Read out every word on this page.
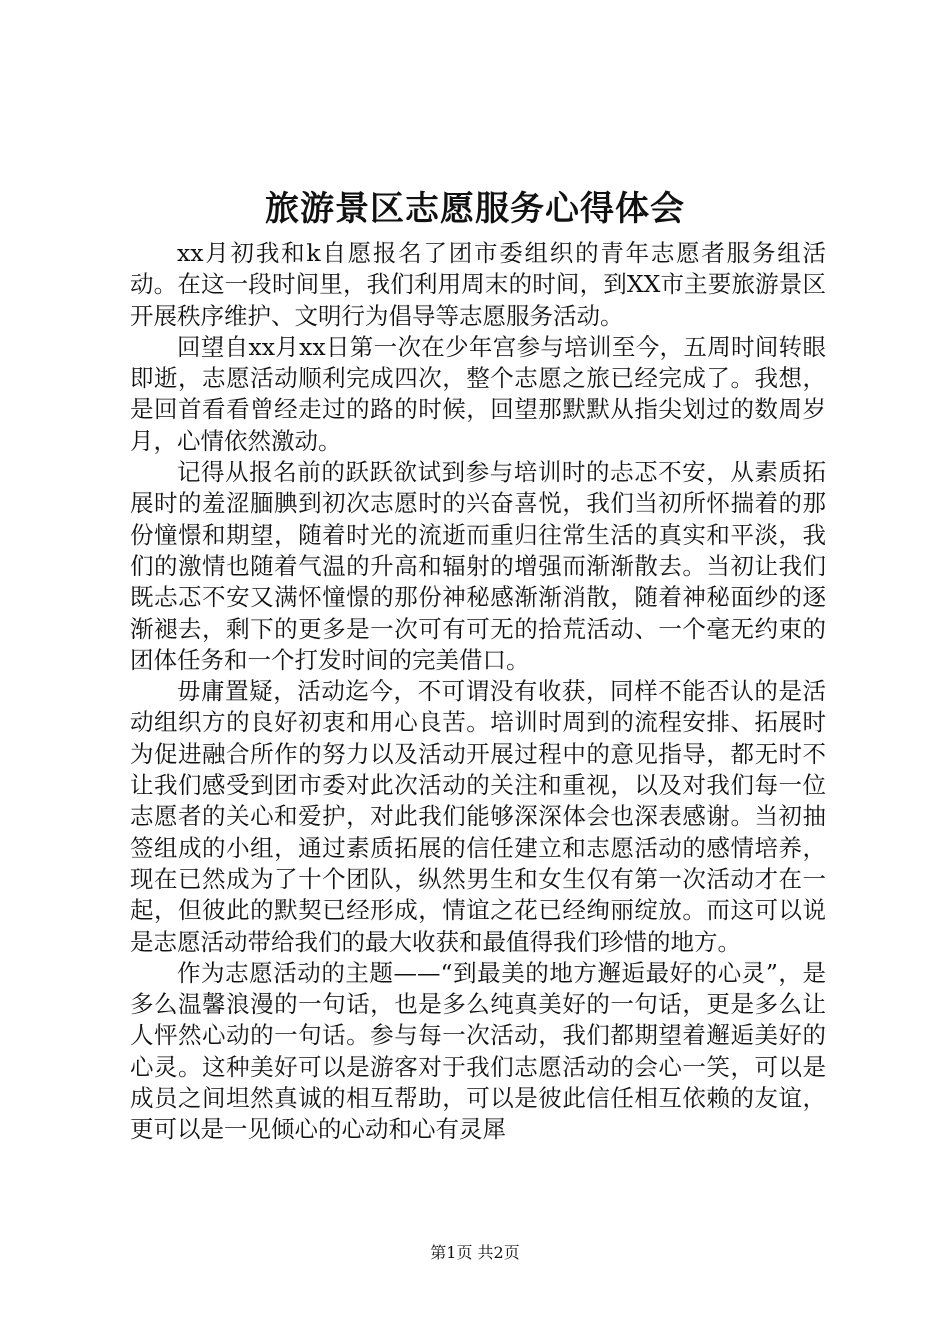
旅游景区志愿服务心得体会

xx月初我和k自愿报名了团市委组织的青年志愿者服务组活动。在这一段时间里，我们利用周末的时间，到XX市主要旅游景区开展秩序维护、文明行为倡导等志愿服务活动。

回望自xx月xx日第一次在少年宫参与培训至今，五周时间转眼即逝，志愿活动顺利完成四次，整个志愿之旅已经完成了。我想，是回首看看曾经走过的路的时候，回望那默默从指尖划过的数周岁月，心情依然激动。

记得从报名前的跃跃欲试到参与培训时的忐忑不安，从素质拓展时的羞涩腼腆到初次志愿时的兴奋喜悦，我们当初所怀揣着的那份憧憬和期望，随着时光的流逝而重归往常生活的真实和平淡，我们的激情也随着气温的升高和辐射的增强而渐渐散去。当初让我们既忐忑不安又满怀憧憬的那份神秘感渐渐消散，随着神秘面纱的逐渐褪去，剩下的更多是一次可有可无的拾荒活动、一个毫无约束的团体任务和一个打发时间的完美借口。

毋庸置疑，活动迄今，不可谓没有收获，同样不能否认的是活动组织方的良好初衷和用心良苦。培训时周到的流程安排、拓展时为促进融合所作的努力以及活动开展过程中的意见指导，都无时不让我们感受到团市委对此次活动的关注和重视，以及对我们每一位志愿者的关心和爱护，对此我们能够深深体会也深表感谢。当初抽签组成的小组，通过素质拓展的信任建立和志愿活动的感情培养，现在已然成为了十个团队，纵然男生和女生仅有第一次活动才在一起，但彼此的默契已经形成，情谊之花已经绚丽绽放。而这可以说是志愿活动带给我们的最大收获和最值得我们珍惜的地方。

作为志愿活动的主题——“到最美的地方邂逅最好的心灵”，是多么温馨浪漫的一句话，也是多么纯真美好的一句话，更是多么让人怦然心动的一句话。参与每一次活动，我们都期望着邂逅美好的心灵。这种美好可以是游客对于我们志愿活动的会心一笑，可以是成员之间坦然真诚的相互帮助，可以是彼此信任相互依赖的友谊，更可以是一见倾心的心动和心有灵犀

第1页 共2页
